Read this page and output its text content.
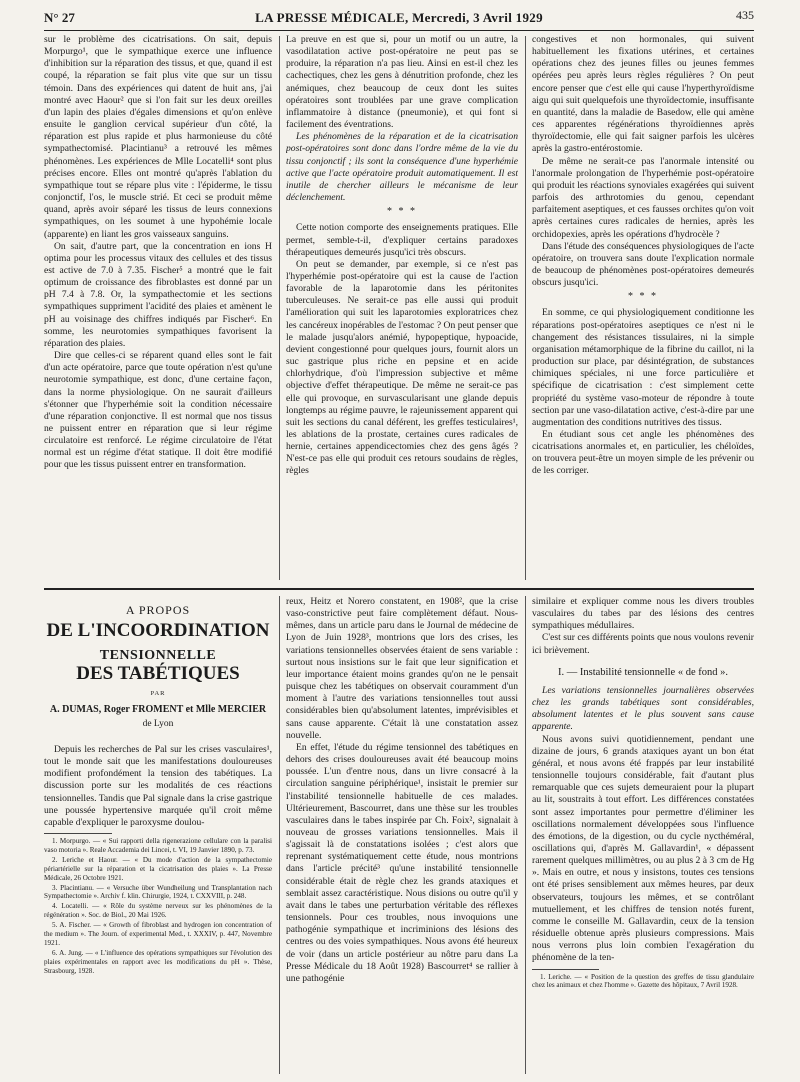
N° 27	LA PRESSE MÉDICALE, Mercredi, 3 Avril 1929	435

sur le problème des cicatrisations. On sait, depuis Morpurgo¹, que le sympathique exerce une influence d'inhibition sur la réparation des tissus, et que, quand il est coupé, la réparation se fait plus vite que sur un tissu témoin. Dans des expériences qui datent de huit ans, j'ai montré avec Haour² que si l'on fait sur les deux oreilles d'un lapin des plaies d'égales dimensions et qu'on enlève ensuite le ganglion cervical supérieur d'un côté, la réparation est plus rapide et plus harmonieuse du côté sympathectomisé. Placintianu³ a retrouvé les mêmes phénomènes. Les expériences de Mlle Locatelli⁴ sont plus précises encore. Elles ont montré qu'après l'ablation du sympathique tout se répare plus vite : l'épiderme, le tissu conjonctif, l'os, le muscle strié. Et ceci se produit même quand, après avoir séparé les tissus de leurs connexions sympathiques, on les soumet à une hypohémie locale (apparente) en liant les gros vaisseaux sanguins.

On sait, d'autre part, que la concentration en ions H optima pour les processus vitaux des cellules et des tissus est active de 7.0 à 7.35. Fischer⁵ a montré que le fait optimum de croissance des fibroblastes est donné par un pH 7.4 à 7.8. Or, la sympathectomie et les sections sympathiques suppriment l'acidité des plaies et amènent le pH au voisinage des chiffres indiqués par Fischer⁶. En somme, les neurotomies sympathiques favorisent la réparation des plaies.

Dire que celles-ci se réparent quand elles sont le fait d'un acte opératoire, parce que toute opération n'est qu'une neurotomie sympathique, est donc, d'une certaine façon, dans la norme physiologique. On ne saurait d'ailleurs s'étonner que l'hyperhémie soit la condition nécessaire d'une réparation conjonctive. Il est normal que nos tissus ne puissent entrer en réparation que si leur régime circulatoire est renforcé. Le régime circulatoire de l'état normal est un régime d'état statique. Il doit être modifié pour que les tissus puissent entrer en transformation.

La preuve en est que si, pour un motif ou un autre, la vasodilatation active post-opératoire ne peut pas se produire, la réparation n'a pas lieu. Ainsi en est-il chez les cachectiques, chez les gens à dénutrition profonde, chez les anémiques, chez beaucoup de ceux dont les suites opératoires sont troublées par une grave complication inflammatoire à distance (pneumonie), et qui font si facilement des éventrations.

Les phénomènes de la réparation et de la cicatrisation post-opératoires sont donc dans l'ordre même de la vie du tissu conjonctif ; ils sont la conséquence d'une hyperhémie active que l'acte opératoire produit automatiquement. Il est inutile de chercher ailleurs le mécanisme de leur déclenchement.

* * *

Cette notion comporte des enseignements pratiques. Elle permet, semble-t-il, d'expliquer certains paradoxes thérapeutiques demeurés jusqu'ici très obscurs.

On peut se demander, par exemple, si ce n'est pas l'hyperhémie post-opératoire qui est la cause de l'action favorable de la laparotomie dans les péritonites tuberculeuses. Ne serait-ce pas elle aussi qui produit l'amélioration qui suit les laparotomies exploratrices chez les cancéreux inopérables de l'estomac ? On peut penser que le malade jusqu'alors anémié, hypopeptique, hypoacide, devient congestionné pour quelques jours, fournit alors un suc gastrique plus riche en pepsine et en acide chlorhydrique, d'où l'impression subjective et même objective d'effet thérapeutique. De même ne serait-ce pas elle qui provoque, en survascularisant une glande depuis longtemps au régime pauvre, le rajeunissement apparent qui suit les sections du canal déférent, les greffes testiculaires¹, les ablations de la prostate, certaines cures radicales de hernie, certaines appendicectomies chez des gens âgés ? N'est-ce pas elle qui produit ces retours soudains de règles, règles

congestives et non hormonales, qui suivent habituellement les fixations utérines, et certaines opérations chez des jeunes filles ou jeunes femmes opérées peu après leurs règles régulières ? On peut encore penser que c'est elle qui cause l'hyperthyroïdisme aigu qui suit quelquefois une thyroïdectomie, insuffisante en quantité, dans la maladie de Basedow, elle qui amène ces apparentes régénérations thyroïdiennes après thyroïdectomie, elle qui fait saigner parfois les ulcères après la gastro-entérostomie.

De même ne serait-ce pas l'anormale intensité ou l'anormale prolongation de l'hyperhémie post-opératoire qui produit les réactions synoviales exagérées qui suivent parfois des arthrotomies du genou, cependant parfaitement aseptiques, et ces fausses orchites qu'on voit après certaines cures radicales de hernies, après les orchidopexies, après les opérations d'hydrocèle ?

Dans l'étude des conséquences physiologiques de l'acte opératoire, on trouvera sans doute l'explication normale de beaucoup de phénomènes post-opératoires demeurés obscurs jusqu'ici.

* * *

En somme, ce qui physiologiquement conditionne les réparations post-opératoires aseptiques ce n'est ni le changement des résistances tissulaires, ni la simple organisation métamorphique de la fibrine du caillot, ni la production sur place, par désintégration, de substances chimiques spéciales, ni une force particulière et spécifique de cicatrisation : c'est simplement cette propriété du système vaso-moteur de répondre à toute section par une vaso-dilatation active, c'est-à-dire par une augmentation des conditions nutritives des tissus.

En étudiant sous cet angle les phénomènes des cicatrisations anormales et, en particulier, les chéloïdes, on trouvera peut-être un moyen simple de les prévenir ou de les corriger.

A PROPOS
DE L'INCOORDINATION
TENSIONNELLE
DES TABÉTIQUES
PAR
A. DUMAS, Roger FROMENT et Mlle MERCIER
de Lyon

Depuis les recherches de Pal sur les crises vasculaires¹, tout le monde sait que les manifestations douloureuses modifient profondément la tension des tabétiques. La discussion porte sur les modalités de ces réactions tensionnelles. Tandis que Pal signale dans la crise gastrique une poussée hypertensive marquée qu'il croit même capable d'expliquer le paroxysme doulou-

1. Morpurgo. — « Sui rapporti della rigenerazione cellulare con la paralisi vaso motoria ». Reale Accademia dei Lincei, t. VI, 19 Janvier 1890, p. 73.

2. Leriche et Haour. — « Du mode d'action de la sympathectomie périartérielle sur la réparation et la cicatrisation des plaies ». La Presse Médicale, 26 Octobre 1921.

3. Placintianu. — « Versuche über Wundheilung und Transplantation nach Sympathectomie ». Archiv f. klin. Chirurgie, 1924, t. CXXVIII, p. 248.

4. Locatelli. — « Rôle du système nerveux sur les phénomènes de la régénération ». Soc. de Biol., 20 Mai 1926.

5. A. Fischer. — « Growth of fibroblast and hydrogen ion concentration of the medium ». The Journ. of experimental Med., t. XXXIV, p. 447, Novembre 1921.

6. A. Jung. — « L'influence des opérations sympathiques sur l'évolution des plaies expérimentales en rapport avec les modifications du pH ». Thèse, Strasbourg, 1928.

reux, Heitz et Norero constatent, en 1908², que la crise vaso-constrictive peut faire complètement défaut. Nous-mêmes, dans un article paru dans le Journal de médecine de Lyon de Juin 1928³, montrions que lors des crises, les variations tensionnelles observées étaient de sens variable : surtout nous insistions sur le fait que leur signification et leur importance étaient moins grandes qu'on ne le pensait puisque chez les tabétiques on observait couramment d'un moment à l'autre des variations tensionnelles tout aussi considérables bien qu'absolument latentes, imprévisibles et sans cause apparente. C'était là une constatation assez nouvelle.

En effet, l'étude du régime tensionnel des tabétiques en dehors des crises douloureuses avait été beaucoup moins poussée. L'un d'entre nous, dans un livre consacré à la circulation sanguine périphérique¹, insistait le premier sur l'instabilité tensionnelle habituelle de ces malades. Ultérieurement, Bascourret, dans une thèse sur les troubles vasculaires dans le tabes inspirée par Ch. Foix², signalait à nouveau de grosses variations tensionnelles. Mais il s'agissait là de constatations isolées ; c'est alors que reprenant systématiquement cette étude, nous montrions dans l'article précité³ qu'une instabilité tensionnelle considérable était de règle chez les grands ataxiques et semblait assez caractéristique. Nous disions ou outre qu'il y avait dans le tabes une perturbation véritable des réflexes tensionnels. Pour ces troubles, nous invoquions une pathogénie sympathique et incriminions des lésions des centres ou des voies sympathiques. Nous avons été heureux de voir (dans un article postérieur au nôtre paru dans La Presse Médicale du 18 Août 1928) Bascourret⁴ se rallier à une pathogénie

similaire et expliquer comme nous les divers troubles vasculaires du tabes par des lésions des centres sympathiques médullaires.

C'est sur ces différents points que nous voulons revenir ici brièvement.

I. — Instabilité tensionnelle « de fond ».

Les variations tensionnelles journalières observées chez les grands tabétiques sont considérables, absolument latentes et le plus souvent sans cause apparente.

Nous avons suivi quotidiennement, pendant une dizaine de jours, 6 grands ataxiques ayant un bon état général, et nous avons été frappés par leur instabilité tensionnelle toujours considérable, fait d'autant plus remarquable que ces sujets demeuraient pour la plupart au lit, soustraits à tout effort. Les différences constatées sont assez importantes pour permettre d'éliminer les oscillations normalement développées sous l'influence des émotions, de la digestion, ou du cycle nycthéméral, oscillations qui, d'après M. Gallavardin¹, « dépassent rarement quelques millimètres, ou au plus 2 à 3 cm de Hg ». Mais en outre, et nous y insistons, toutes ces tensions ont été prises sensiblement aux mêmes heures, par deux observateurs, toujours les mêmes, et se contrôlant mutuellement, et les chiffres de tension notés furent, comme le conseille M. Gallavardin, ceux de la tension résiduelle obtenue après plusieurs compressions. Mais nous verrons plus loin combien l'exagération du phénomène de la ten-

1. Leriche. — « Position de la question des greffes de tissu glandulaire chez les animaux et chez l'homme ». Gazette des hôpitaux, 7 Avril 1928.
